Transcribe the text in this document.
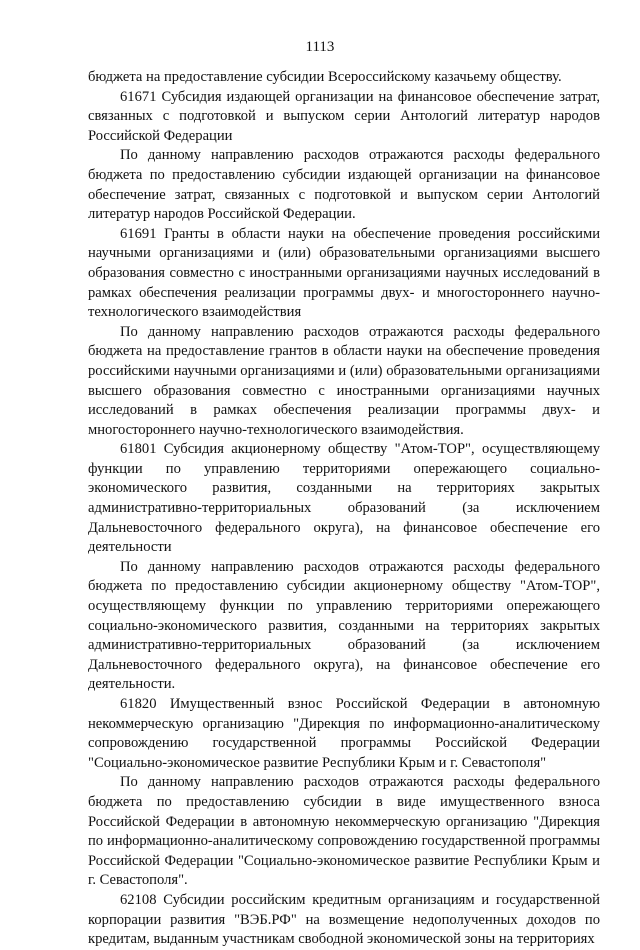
1113

бюджета на предоставление субсидии Всероссийскому казачьему обществу.

61671 Субсидия издающей организации на финансовое обеспечение затрат, связанных с подготовкой и выпуском серии Антологий литератур народов Российской Федерации

По данному направлению расходов отражаются расходы федерального бюджета по предоставлению субсидии издающей организации на финансовое обеспечение затрат, связанных с подготовкой и выпуском серии Антологий литератур народов Российской Федерации.

61691 Гранты в области науки на обеспечение проведения российскими научными организациями и (или) образовательными организациями высшего образования совместно с иностранными организациями научных исследований в рамках обеспечения реализации программы двух- и многостороннего научно-технологического взаимодействия

По данному направлению расходов отражаются расходы федерального бюджета на предоставление грантов в области науки на обеспечение проведения российскими научными организациями и (или) образовательными организациями высшего образования совместно с иностранными организациями научных исследований в рамках обеспечения реализации программы двух- и многостороннего научно-технологического взаимодействия.

61801 Субсидия акционерному обществу "Атом-ТОР", осуществляющему функции по управлению территориями опережающего социально-экономического развития, созданными на территориях закрытых административно-территориальных образований (за исключением Дальневосточного федерального округа), на финансовое обеспечение его деятельности

По данному направлению расходов отражаются расходы федерального бюджета по предоставлению субсидии акционерному обществу "Атом-ТОР", осуществляющему функции по управлению территориями опережающего социально-экономического развития, созданными на территориях закрытых административно-территориальных образований (за исключением Дальневосточного федерального округа), на финансовое обеспечение его деятельности.

61820 Имущественный взнос Российской Федерации в автономную некоммерческую организацию "Дирекция по информационно-аналитическому сопровождению государственной программы Российской Федерации "Социально-экономическое развитие Республики Крым и г. Севастополя"

По данному направлению расходов отражаются расходы федерального бюджета по предоставлению субсидии в виде имущественного взноса Российской Федерации в автономную некоммерческую организацию "Дирекция по информационно-аналитическому сопровождению государственной программы Российской Федерации "Социально-экономическое развитие Республики Крым и г. Севастополя".

62108 Субсидии российским кредитным организациям и государственной корпорации развития "ВЭБ.РФ" на возмещение недополученных доходов по кредитам, выданным участникам свободной экономической зоны на территориях
